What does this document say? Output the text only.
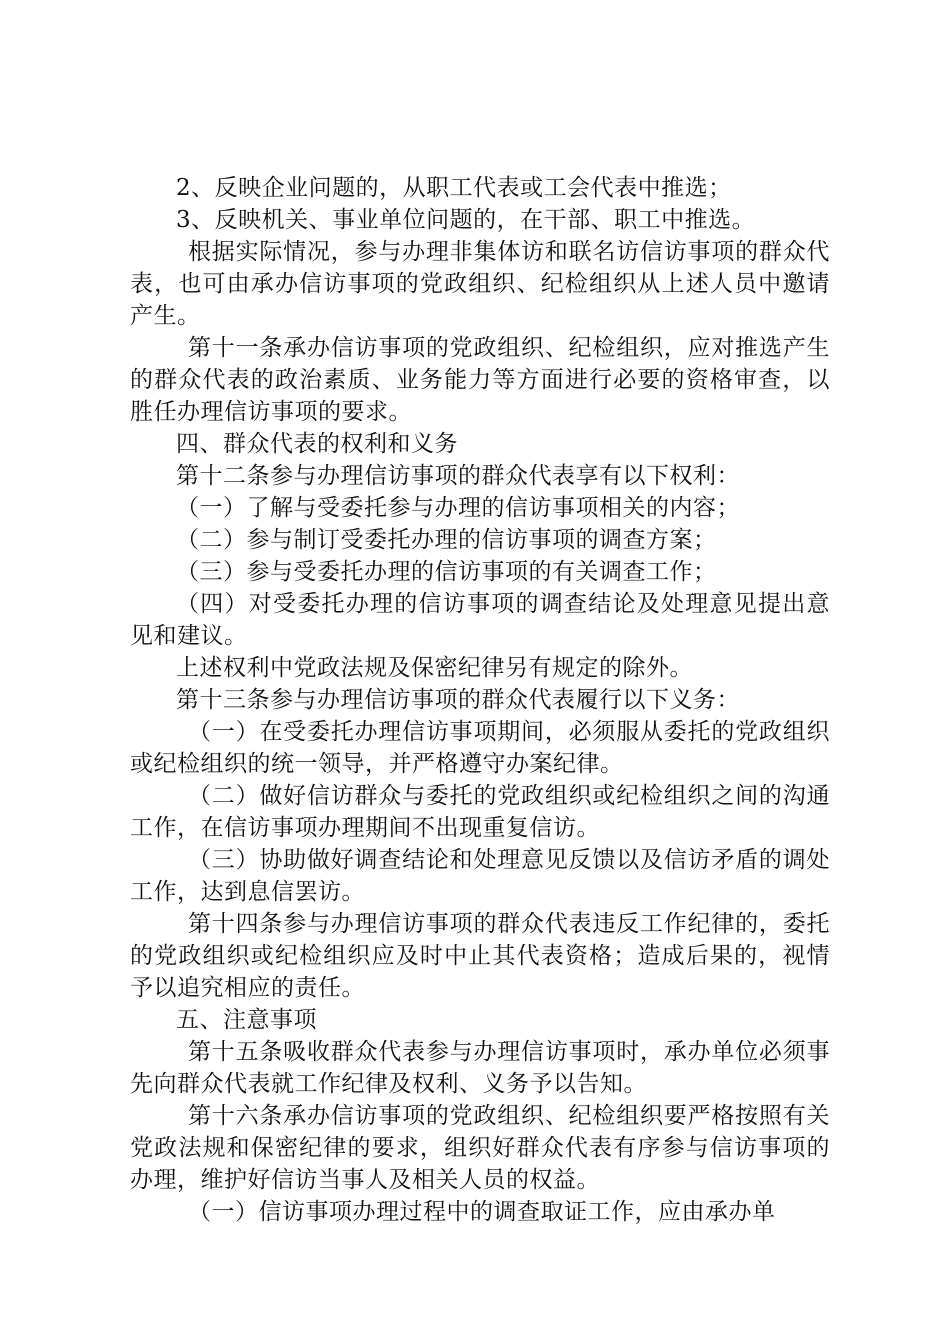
2、反映企业问题的，从职工代表或工会代表中推选；

3、反映机关、事业单位问题的，在干部、职工中推选。

根据实际情况，参与办理非集体访和联名访信访事项的群众代表，也可由承办信访事项的党政组织、纪检组织从上述人员中邀请产生。

第十一条承办信访事项的党政组织、纪检组织，应对推选产生的群众代表的政治素质、业务能力等方面进行必要的资格审查，以胜任办理信访事项的要求。

四、群众代表的权利和义务

第十二条参与办理信访事项的群众代表享有以下权利：

（一）了解与受委托参与办理的信访事项相关的内容；

（二）参与制订受委托办理的信访事项的调查方案；

（三）参与受委托办理的信访事项的有关调查工作；

（四）对受委托办理的信访事项的调查结论及处理意见提出意见和建议。

上述权利中党政法规及保密纪律另有规定的除外。

第十三条参与办理信访事项的群众代表履行以下义务：

（一）在受委托办理信访事项期间，必须服从委托的党政组织或纪检组织的统一领导，并严格遵守办案纪律。

（二）做好信访群众与委托的党政组织或纪检组织之间的沟通工作，在信访事项办理期间不出现重复信访。

（三）协助做好调查结论和处理意见反馈以及信访矛盾的调处工作，达到息信罢访。

第十四条参与办理信访事项的群众代表违反工作纪律的，委托的党政组织或纪检组织应及时中止其代表资格；造成后果的，视情予以追究相应的责任。

五、注意事项

第十五条吸收群众代表参与办理信访事项时，承办单位必须事先向群众代表就工作纪律及权利、义务予以告知。

第十六条承办信访事项的党政组织、纪检组织要严格按照有关党政法规和保密纪律的要求，组织好群众代表有序参与信访事项的办理，维护好信访当事人及相关人员的权益。

（一）信访事项办理过程中的调查取证工作，应由承办单
